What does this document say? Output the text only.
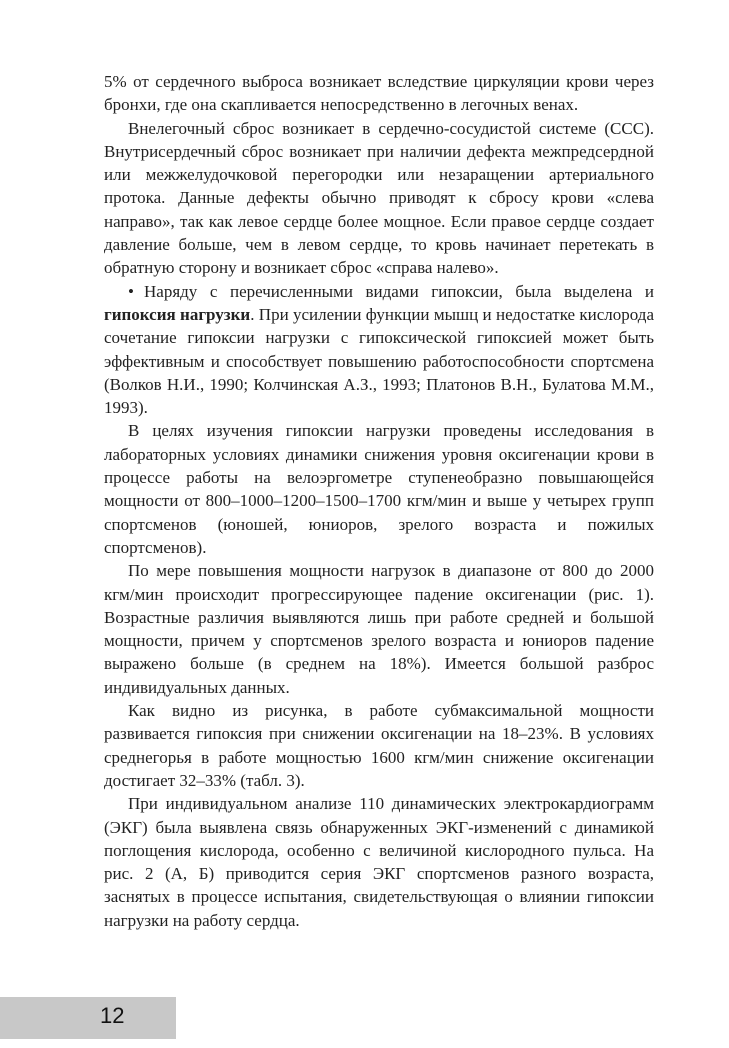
5% от сердечного выброса возникает вследствие циркуляции крови через бронхи, где она скапливается непосредственно в легочных венах.

Внелегочный сброс возникает в сердечно-сосудистой системе (ССС). Внутрисердечный сброс возникает при наличии дефекта межпредсердной или межжелудочковой перегородки или незаращении артериального протока. Данные дефекты обычно приводят к сбросу крови «слева направо», так как левое сердце более мощное. Если правое сердце создает давление больше, чем в левом сердце, то кровь начинает перетекать в обратную сторону и возникает сброс «справа налево».

• Наряду с перечисленными видами гипоксии, была выделена и гипоксия нагрузки. При усилении функции мышц и недостатке кислорода сочетание гипоксии нагрузки с гипоксической гипоксией может быть эффективным и способствует повышению работоспособности спортсмена (Волков Н.И., 1990; Колчинская А.З., 1993; Платонов В.Н., Булатова М.М., 1993).

В целях изучения гипоксии нагрузки проведены исследования в лабораторных условиях динамики снижения уровня оксигенации крови в процессе работы на велоэргометре ступенеобразно повышающейся мощности от 800–1000–1200–1500–1700 кгм/мин и выше у четырех групп спортсменов (юношей, юниоров, зрелого возраста и пожилых спортсменов).

По мере повышения мощности нагрузок в диапазоне от 800 до 2000 кгм/мин происходит прогрессирующее падение оксигенации (рис. 1). Возрастные различия выявляются лишь при работе средней и большой мощности, причем у спортсменов зрелого возраста и юниоров падение выражено больше (в среднем на 18%). Имеется большой разброс индивидуальных данных.

Как видно из рисунка, в работе субмаксимальной мощности развивается гипоксия при снижении оксигенации на 18–23%. В условиях среднегорья в работе мощностью 1600 кгм/мин снижение оксигенации достигает 32–33% (табл. 3).

При индивидуальном анализе 110 динамических электрокардиограмм (ЭКГ) была выявлена связь обнаруженных ЭКГ-изменений с динамикой поглощения кислорода, особенно с величиной кислородного пульса. На рис. 2 (А, Б) приводится серия ЭКГ спортсменов разного возраста, заснятых в процессе испытания, свидетельствующая о влиянии гипоксии нагрузки на работу сердца.

12
